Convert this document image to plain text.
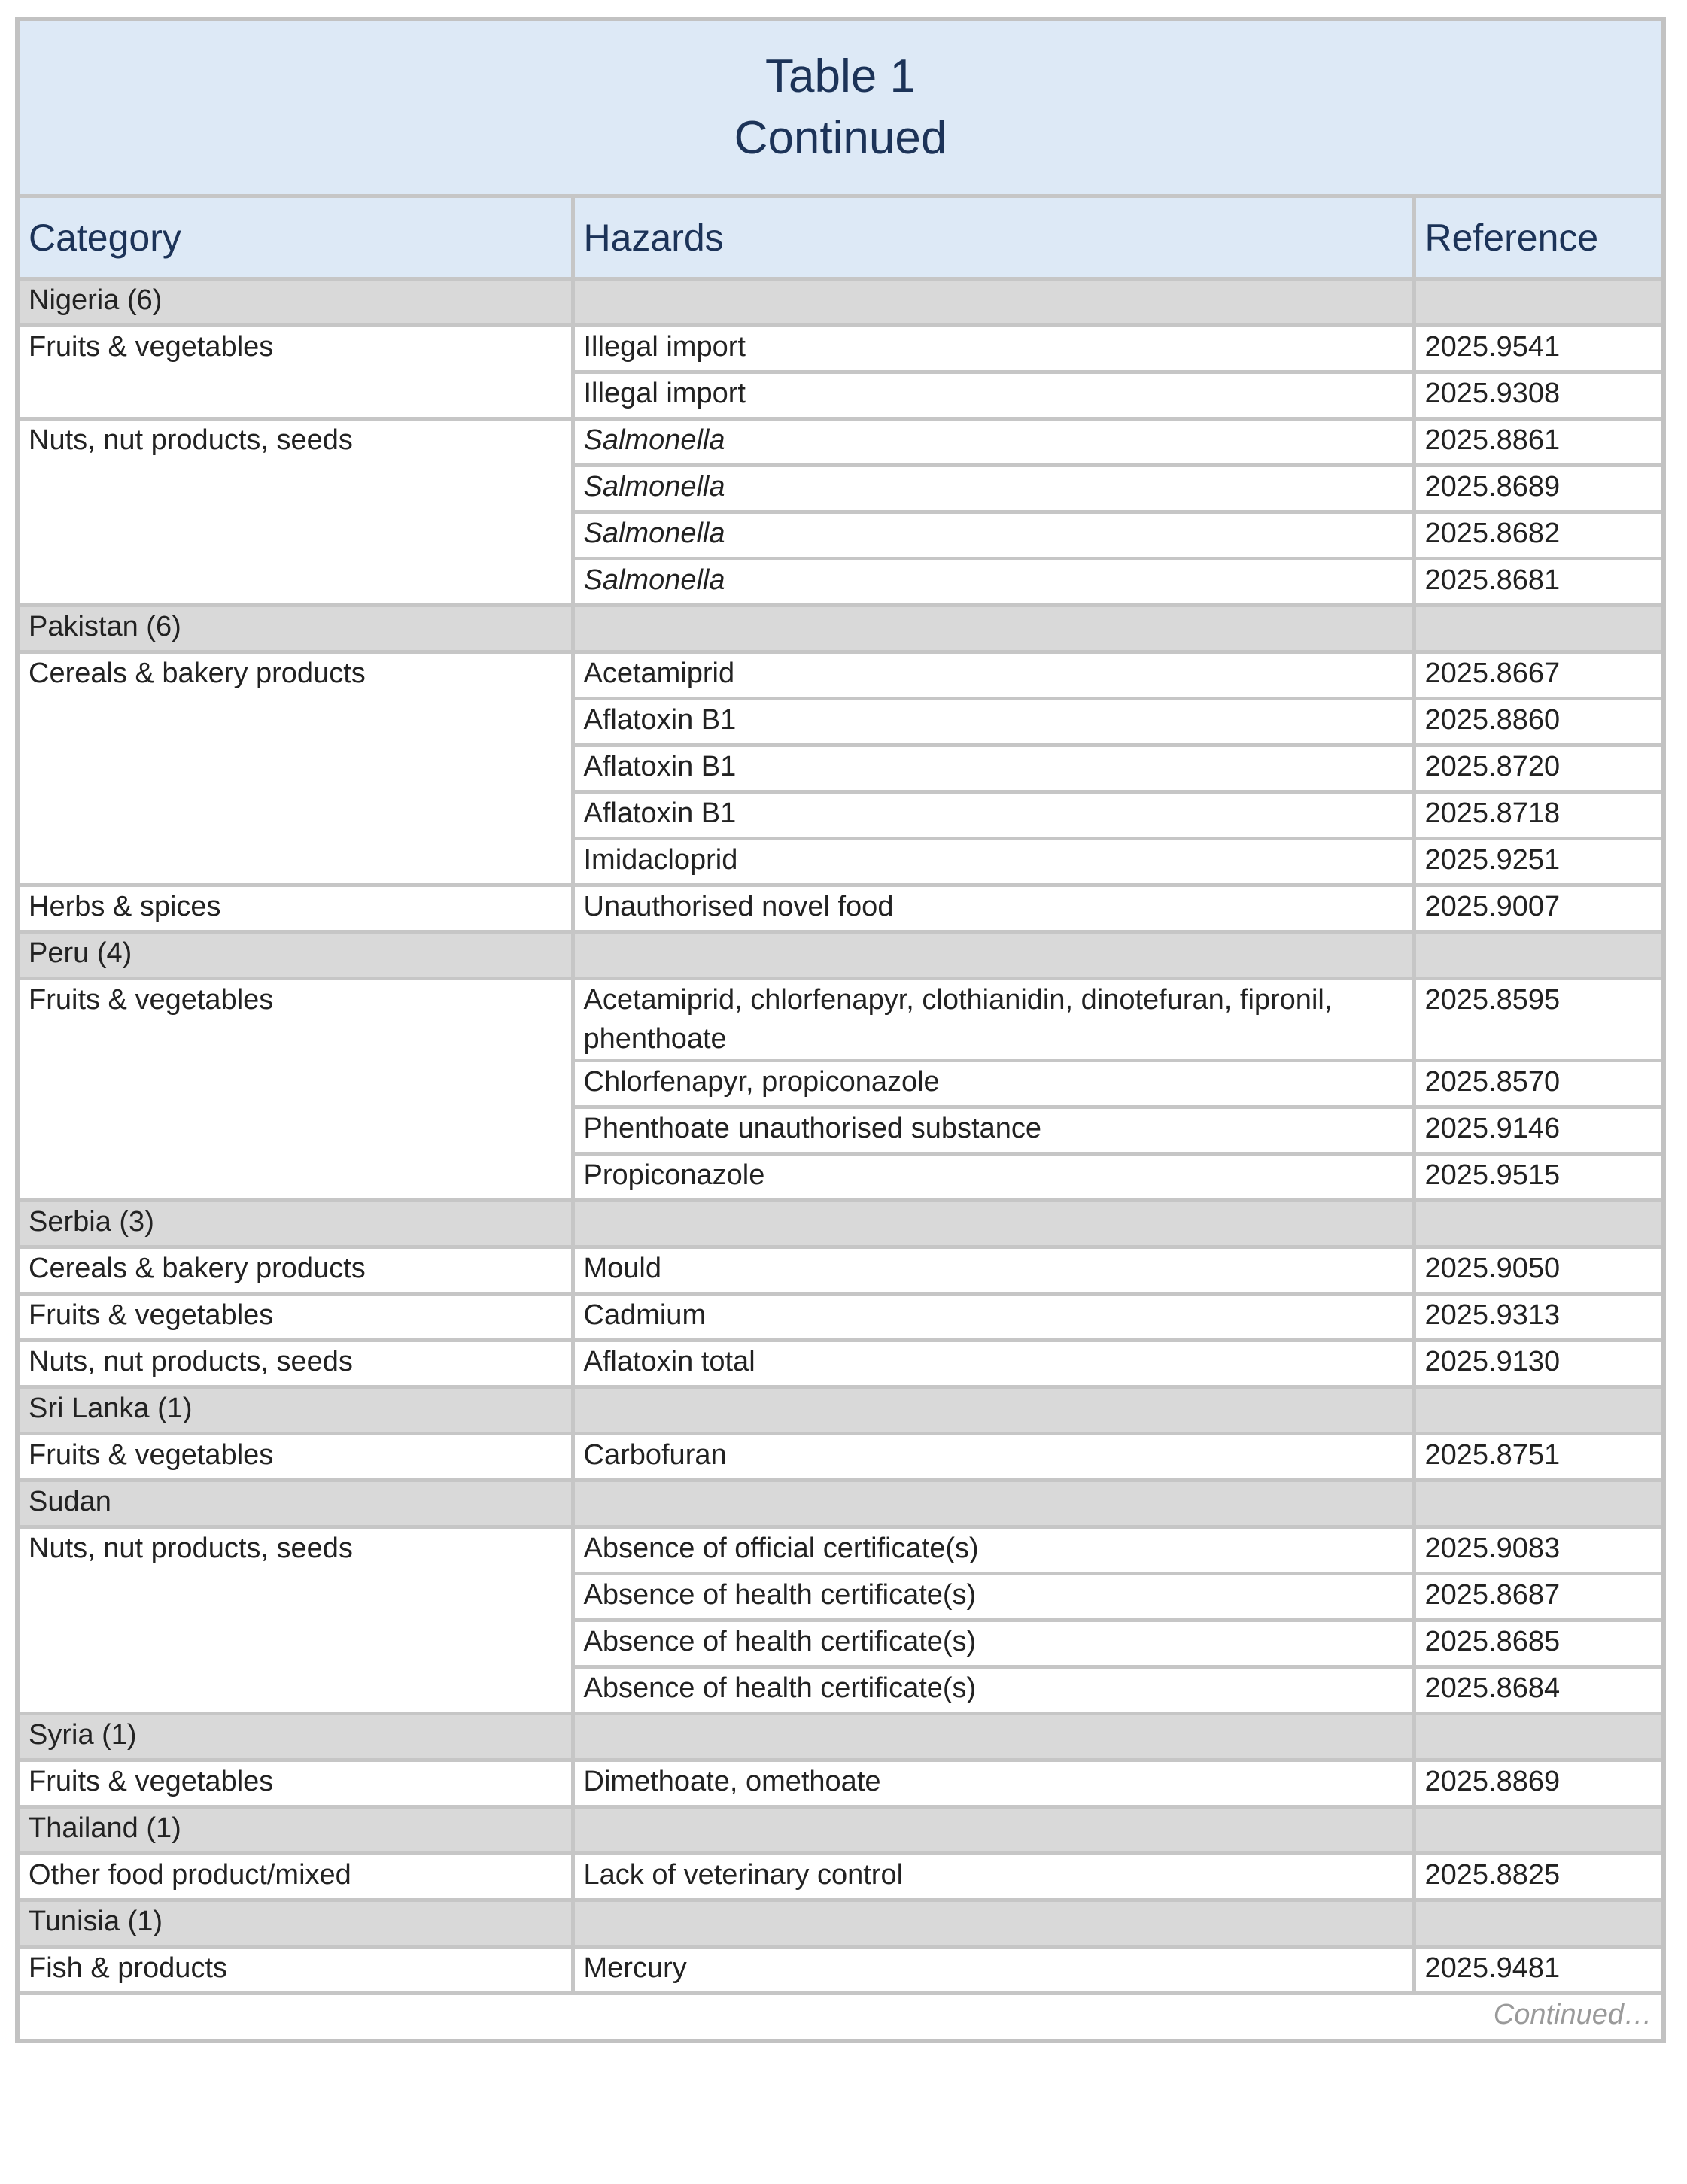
Table 1
Continued		

Category	Hazards	Reference
Nigeria (6)		
Fruits & vegetables	Illegal import	2025.9541
	Illegal import	2025.9308
Nuts, nut products, seeds	Salmonella	2025.8861
	Salmonella	2025.8689
	Salmonella	2025.8682
	Salmonella	2025.8681
Pakistan (6)		
Cereals & bakery products	Acetamiprid	2025.8667
	Aflatoxin B1	2025.8860
	Aflatoxin B1	2025.8720
	Aflatoxin B1	2025.8718
	Imidacloprid	2025.9251
Herbs & spices	Unauthorised novel food	2025.9007
Peru (4)		
Fruits & vegetables	Acetamiprid, chlorfenapyr, clothianidin, dinotefuran, fipronil, phenthoate	2025.8595
	Chlorfenapyr, propiconazole	2025.8570
	Phenthoate unauthorised substance	2025.9146
	Propiconazole	2025.9515
Serbia (3)		
Cereals & bakery products	Mould	2025.9050
Fruits & vegetables	Cadmium	2025.9313
Nuts, nut products, seeds	Aflatoxin total	2025.9130
Sri Lanka (1)		
Fruits & vegetables	Carbofuran	2025.8751
Sudan		
Nuts, nut products, seeds	Absence of official certificate(s)	2025.9083
	Absence of health certificate(s)	2025.8687
	Absence of health certificate(s)	2025.8685
	Absence of health certificate(s)	2025.8684
Syria (1)		
Fruits & vegetables	Dimethoate, omethoate	2025.8869
Thailand (1)		
Other food product/mixed	Lack of veterinary control	2025.8825
Tunisia (1)		
Fish & products	Mercury	2025.9481
Continued…		
